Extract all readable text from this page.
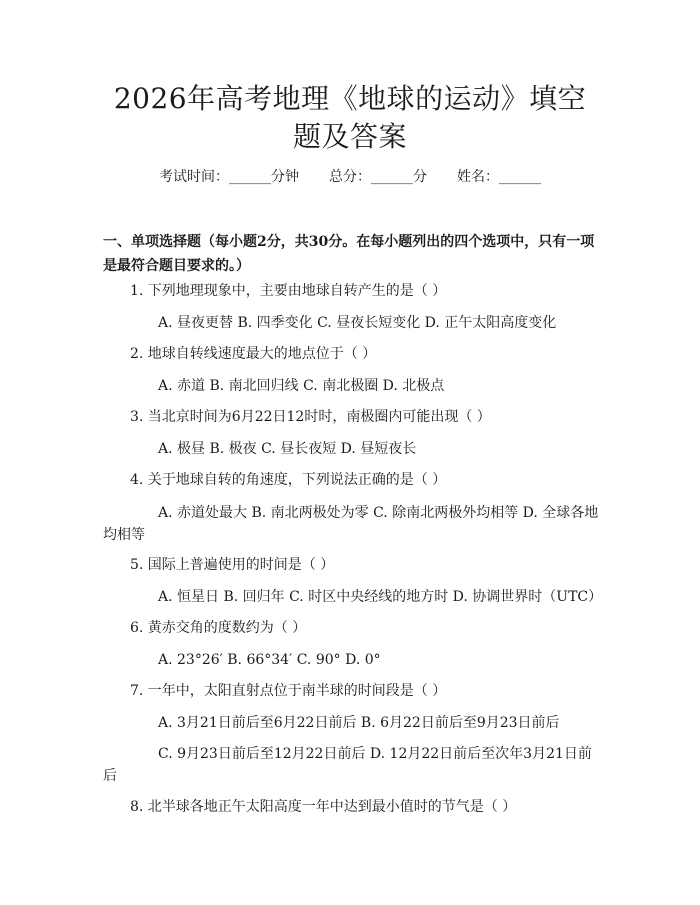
2026年高考地理《地球的运动》填空题及答案
考试时间：______分钟 总分：______分 姓名：______

一、单项选择题（每小题2分，共30分。在每小题列出的四个选项中，只有一项是最符合题目要求的。）

1. 下列地理现象中，主要由地球自转产生的是（ ）
A. 昼夜更替 B. 四季变化 C. 昼夜长短变化 D. 正午太阳高度变化
2. 地球自转线速度最大的地点位于（ ）
A. 赤道 B. 南北回归线 C. 南北极圈 D. 北极点
3. 当北京时间为6月22日12时时，南极圈内可能出现（ ）
A. 极昼 B. 极夜 C. 昼长夜短 D. 昼短夜长
4. 关于地球自转的角速度，下列说法正确的是（ ）
A. 赤道处最大 B. 南北两极处为零 C. 除南北两极外均相等 D. 全球各地均相等
5. 国际上普遍使用的时间是（ ）
A. 恒星日 B. 回归年 C. 时区中央经线的地方时 D. 协调世界时（UTC）
6. 黄赤交角的度数约为（ ）
A. 23°26′ B. 66°34′ C. 90° D. 0°
7. 一年中，太阳直射点位于南半球的时间段是（ ）
A. 3月21日前后至6月22日前后 B. 6月22日前后至9月23日前后
C. 9月23日前后至12月22日前后 D. 12月22日前后至次年3月21日前后
8. 北半球各地正午太阳高度一年中达到最小值时的节气是（ ）
